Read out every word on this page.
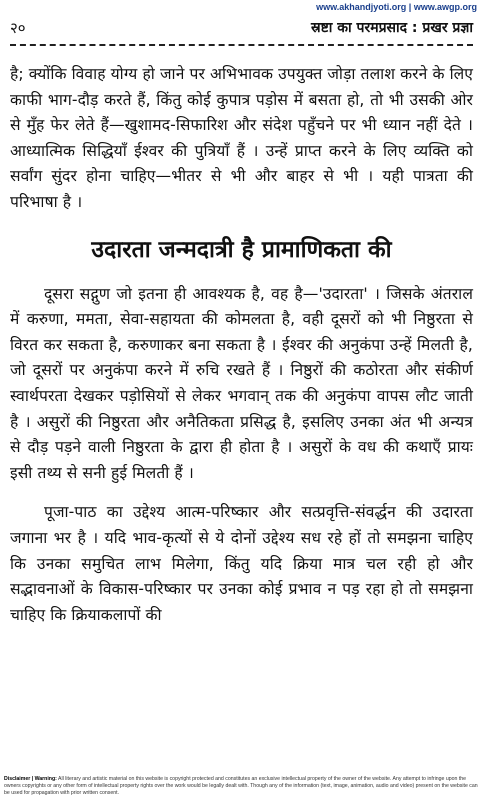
www.akhandjyoti.org | www.awgp.org
२०	स्रष्टा का परमप्रसाद : प्रखर प्रज्ञा

है; क्योंकि विवाह योग्य हो जाने पर अभिभावक उपयुक्त जोड़ा तलाश करने के लिए काफी भाग-दौड़ करते हैं, किंतु कोई कुपात्र पड़ोस में बसता हो, तो भी उसकी ओर से मुँह फेर लेते हैं—खुशामद-सिफारिश और संदेश पहुँचने पर भी ध्यान नहीं देते । आध्यात्मिक सिद्धियाँ ईश्वर की पुत्रियाँ हैं । उन्हें प्राप्त करने के लिए व्यक्ति को सर्वांग सुंदर होना चाहिए—भीतर से भी और बाहर से भी । यही पात्रता की परिभाषा है ।

उदारता जन्मदात्री है प्रामाणिकता की

दूसरा सद्गुण जो इतना ही आवश्यक है, वह है—'उदारता' । जिसके अंतराल में करुणा, ममता, सेवा-सहायता की कोमलता है, वही दूसरों को भी निष्ठुरता से विरत कर सकता है, करुणाकर बना सकता है । ईश्वर की अनुकंपा उन्हें मिलती है, जो दूसरों पर अनुकंपा करने में रुचि रखते हैं । निष्ठुरों की कठोरता और संकीर्ण स्वार्थपरता देखकर पड़ोसियों से लेकर भगवान् तक की अनुकंपा वापस लौट जाती है । असुरों की निष्ठुरता और अनैतिकता प्रसिद्ध है, इसलिए उनका अंत भी अन्यत्र से दौड़ पड़ने वाली निष्ठुरता के द्वारा ही होता है । असुरों के वध की कथाएँ प्रायः इसी तथ्य से सनी हुई मिलती हैं ।

पूजा-पाठ का उद्देश्य आत्म-परिष्कार और सत्प्रवृत्ति-संवर्द्धन की उदारता जगाना भर है । यदि भाव-कृत्यों से ये दोनों उद्देश्य सध रहे हों तो समझना चाहिए कि उनका समुचित लाभ मिलेगा, किंतु यदि क्रिया मात्र चल रही हो और सद्भावनाओं के विकास-परिष्कार पर उनका कोई प्रभाव न पड़ रहा हो तो समझना चाहिए कि क्रियाकलापों की

Disclaimer | Warning: All literary and artistic material on this website is copyright protected and constitutes an exclusive intellectual property of the owner of the website. Any attempt to infringe upon the owners copyrights or any other form of intellectual property rights over the work would be legally dealt with. Though any of the information (text, image, animation, audio and video) present on the website can be used for propagation with prior written consent.
